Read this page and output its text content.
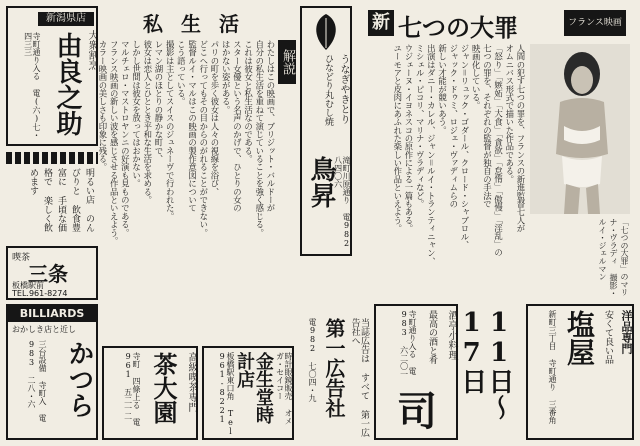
新潟県店
大衆割烹
由良之助
寺町通り入る 電(六)七・四三三
明るい店 のんびりと 飲食豊富に 手頃な価格で 楽しく飲めます
喫茶
三条
板橋駅前
TEL.961-8274
BILLIARDS
おかしき店と近し
かつら
三台設備 寺町入 電983 二八・六
私生活
解説

わたしはこの映画で、ブリジット・バルドーが

自分の私生活を重ねて演じていることを強く感じる。

これは彼女と私生活なのである。

スター女優という名声のかげで、ひとりの女の

はかない姿がある。

パリの町を歩く彼女は人々の視線を浴び、

どこへ行ってもその目からのがれることができない。

監督ルイ・マルはこの映画の製作意図について

こう語っている。

撮影は主としてスイスのジュネーヴで行われた。

レマン湖のほとりの静かな町で、

彼女は恋人とひととき平和な生活を求める。

しかし世間は彼女を放ってはおかない。

マルチェロ・マストロヤンニの好演も見ものである。

フランス映画の新しい波を感じさせる作品といえよう。

カラー映画の美しさも印象に残る。	うなぎやきとり
ひなどり丸むし焼
鳥昇 滝町川原通り 電982 八四〇六
新 七つの大罪	フランス映画

人間の犯す七つの罪を、フランスの新進監督七人が

オムニバス形式で描いた作品である。

「怒り」「嫉妬」「大食」「貪欲」「怠惰」「傲慢」「淫乱」の

七つの罪を、それぞれの監督が独自の手法で

映画化している。

ジャン＝リュック・ゴダール、クロード・シャブロル、

ジャック・ドゥミ、ロジェ・ヴァディムらの

新しい才能が競いあう。

出演はダニー・カレル、ジャン＝ルイ・トランティニャン、

ミシェル・ピコリ、マリナ・ヴラディなど。

ウジェーヌ・イヨネスコの原作による一篇もある。

ユーモアと皮肉にあふれた楽しい作品といえよう。

「七つの大罪」のマリナ・ヴラディ 撮影・ルイ・ジェルマン
高級喫茶専門
茶大園
寺町 四條上る 電961 五二一二	時計眼鏡販売 オメガ・セイコー
金生堂時計店
板橋駅東口角 Tel 961-8221	当誌広告は すべて 第一広告社へ
第一広告社
電982 七〇四・九	酒亭小料理
最高の酒と肴
寺町通り入る 電983 六二〇一
司	11日〜17日	洋品専門
安くて良い品
塩屋
新町三丁目 寺町通り 三番角
